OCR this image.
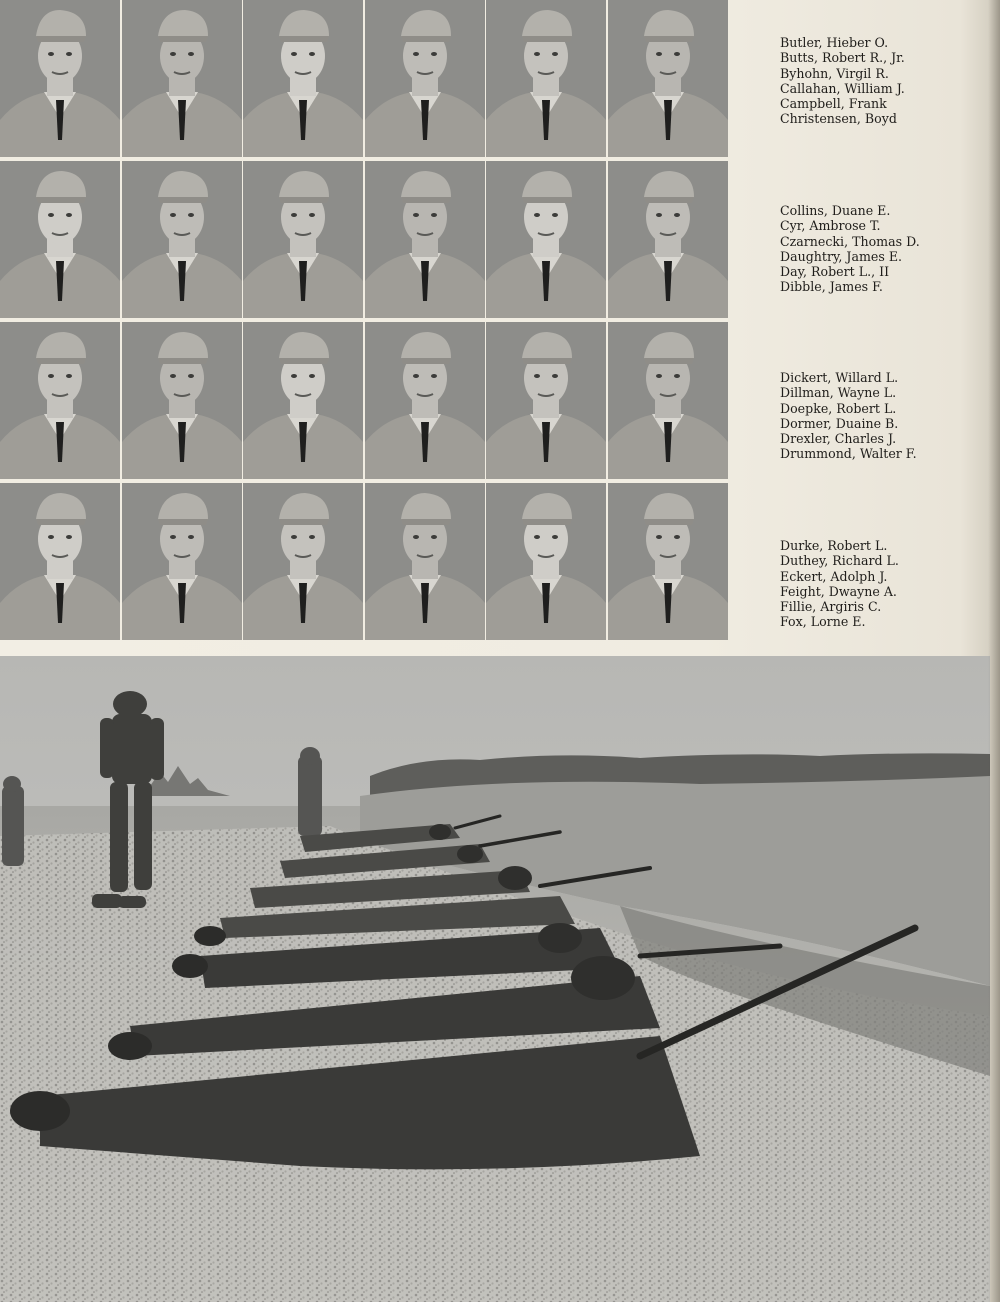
Butler, Hieber O.
Butts, Robert R., Jr.
Byhohn, Virgil R.
Callahan, William J.
Campbell, Frank
Christensen, Boyd
Collins, Duane E.
Cyr, Ambrose T.
Czarnecki, Thomas D.
Daughtry, James E.
Day, Robert L., II
Dibble, James F.
Dickert, Willard L.
Dillman, Wayne L.
Doepke, Robert L.
Dormer, Duaine B.
Drexler, Charles J.
Drummond, Walter F.
Durke, Robert L.
Duthey, Richard L.
Eckert, Adolph J.
Feight, Dwayne A.
Fillie, Argiris C.
Fox, Lorne E.
